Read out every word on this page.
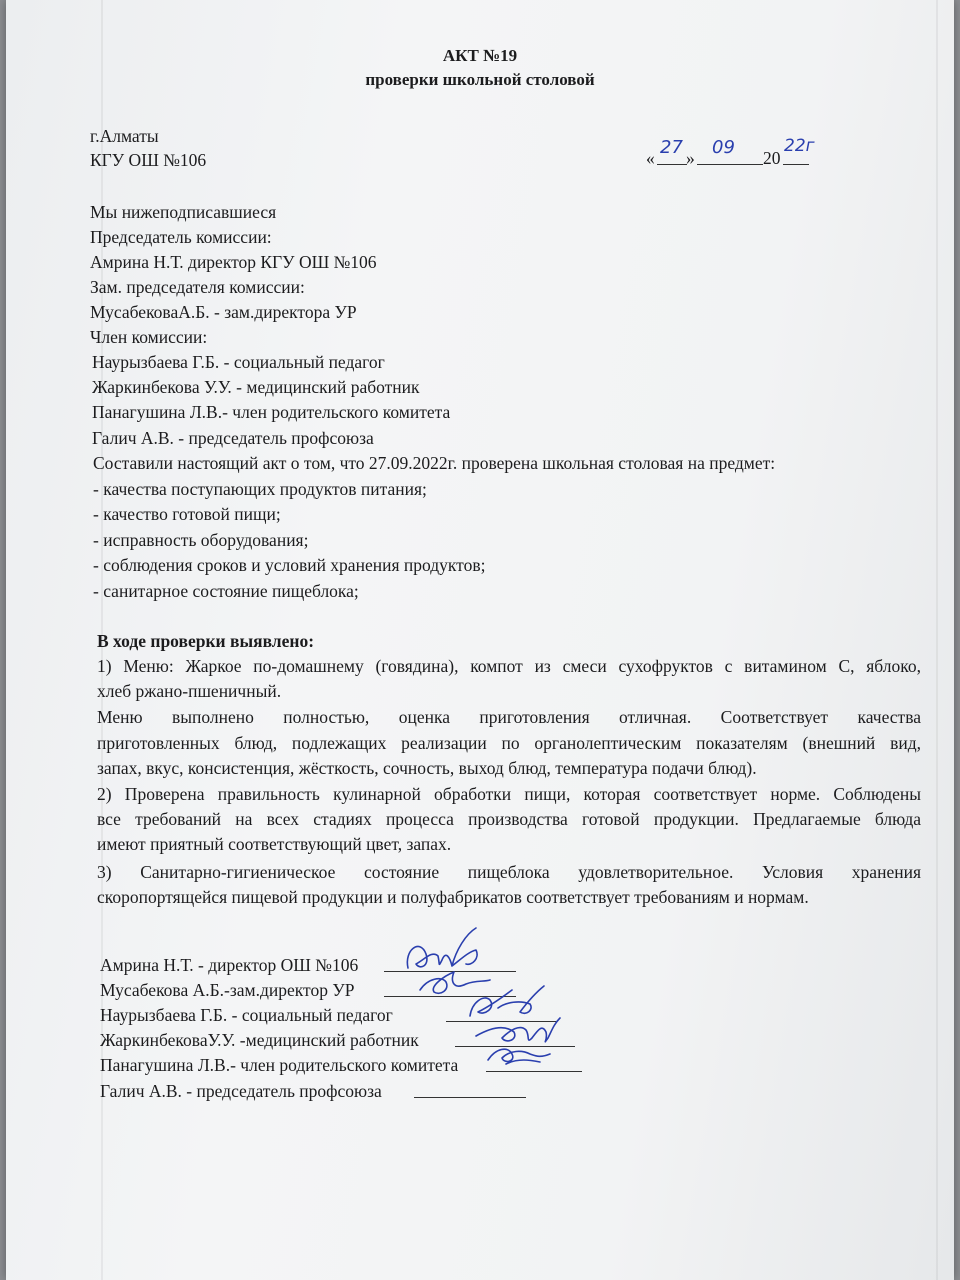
АКТ №19
проверки школьной столовой
г.Алматы
КГУ ОШ №106	« »	20
27 09	22г
Мы нижеподписавшиеся
Председатель комиссии:
Амрина Н.Т. директор КГУ ОШ №106
Зам. председателя комиссии:
МусабековаА.Б. - зам.директора УР
Член комиссии:
Наурызбаева Г.Б. - социальный педагог
Жаркинбекова У.У. - медицинский работник
Панагушина Л.В.- член родительского комитета
Галич А.В. - председатель профсоюза
Составили настоящий акт о том, что 27.09.2022г. проверена школьная столовая на предмет:
- качества поступающих продуктов питания;
- качество готовой пищи;
- исправность оборудования;
- соблюдения сроков и условий хранения продуктов;
- санитарное состояние пищеблока;
В ходе проверки выявлено:
1) Меню: Жаркое по-домашнему (говядина), компот из смеси сухофруктов с витамином С, яблоко,
хлеб ржано-пшеничный.
Меню выполнено полностью, оценка приготовления отличная. Соответствует качества
приготовленных блюд, подлежащих реализации по органолептическим показателям (внешний вид,
запах, вкус, консистенция, жёсткость, сочность, выход блюд, температура подачи блюд).
2) Проверена правильность кулинарной обработки пищи, которая соответствует норме. Соблюдены
все требований на всех стадиях процесса производства готовой продукции. Предлагаемые блюда
имеют приятный соответствующий цвет, запах.
3) Санитарно-гигиеническое состояние пищеблока удовлетворительное. Условия хранения
скоропортящейся пищевой продукции и полуфабрикатов соответствует требованиям и нормам.
Амрина Н.Т. - директор ОШ №106
Мусабекова А.Б.-зам.директор УР
Наурызбаева Г.Б. - социальный педагог
ЖаркинбековаУ.У. -медицинский работник
Панагушина Л.В.- член родительского комитета
Галич А.В. - председатель профсоюза
